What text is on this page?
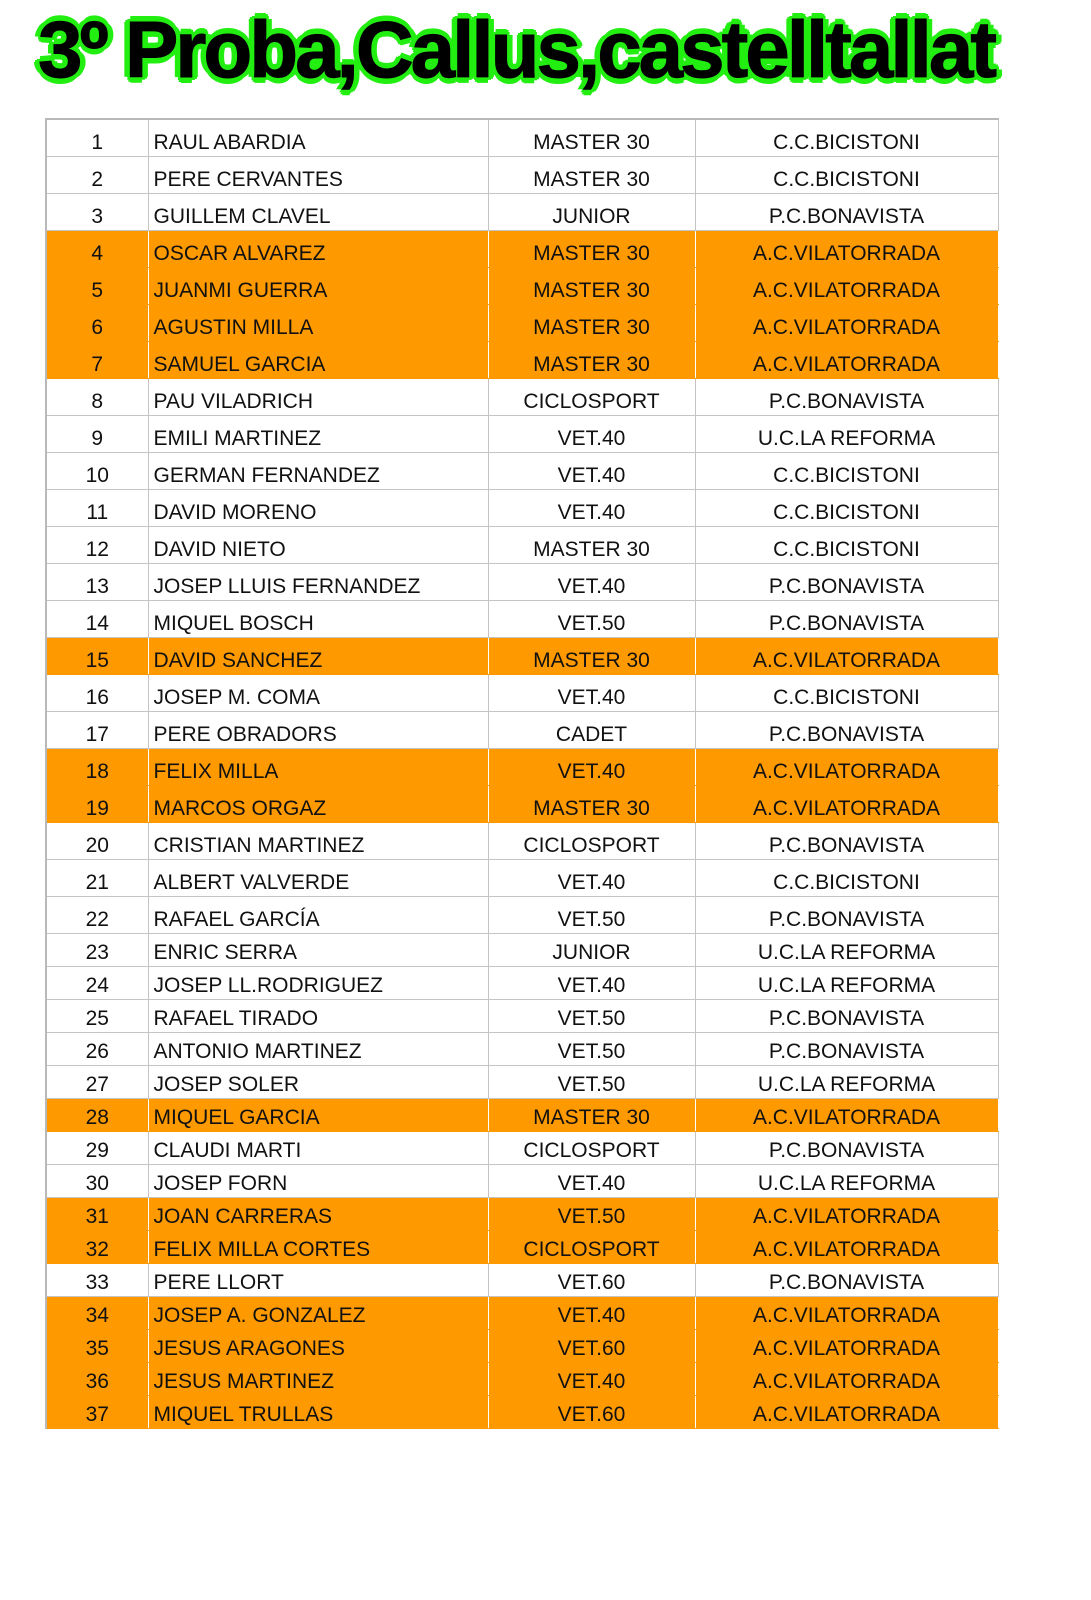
3º Proba,Callus,castelltallat
1	RAUL ABARDIA	MASTER 30	C.C.BICISTONI
2	PERE CERVANTES	MASTER 30	C.C.BICISTONI
3	GUILLEM CLAVEL	JUNIOR	P.C.BONAVISTA
4	OSCAR ALVAREZ	MASTER 30	A.C.VILATORRADA
5	JUANMI GUERRA	MASTER 30	A.C.VILATORRADA
6	AGUSTIN MILLA	MASTER 30	A.C.VILATORRADA
7	SAMUEL GARCIA	MASTER 30	A.C.VILATORRADA
8	PAU VILADRICH	CICLOSPORT	P.C.BONAVISTA
9	EMILI MARTINEZ	VET.40	U.C.LA REFORMA
10	GERMAN FERNANDEZ	VET.40	C.C.BICISTONI
11	DAVID MORENO	VET.40	C.C.BICISTONI
12	DAVID NIETO	MASTER 30	C.C.BICISTONI
13	JOSEP LLUIS FERNANDEZ	VET.40	P.C.BONAVISTA
14	MIQUEL BOSCH	VET.50	P.C.BONAVISTA
15	DAVID SANCHEZ	MASTER 30	A.C.VILATORRADA
16	JOSEP M. COMA	VET.40	C.C.BICISTONI
17	PERE OBRADORS	CADET	P.C.BONAVISTA
18	FELIX MILLA	VET.40	A.C.VILATORRADA
19	MARCOS ORGAZ	MASTER 30	A.C.VILATORRADA
20	CRISTIAN MARTINEZ	CICLOSPORT	P.C.BONAVISTA
21	ALBERT VALVERDE	VET.40	C.C.BICISTONI
22	RAFAEL GARCÍA	VET.50	P.C.BONAVISTA
23	ENRIC SERRA	JUNIOR	U.C.LA REFORMA
24	JOSEP LL.RODRIGUEZ	VET.40	U.C.LA REFORMA
25	RAFAEL TIRADO	VET.50	P.C.BONAVISTA
26	ANTONIO MARTINEZ	VET.50	P.C.BONAVISTA
27	JOSEP SOLER	VET.50	U.C.LA REFORMA
28	MIQUEL GARCIA	MASTER 30	A.C.VILATORRADA
29	CLAUDI MARTI	CICLOSPORT	P.C.BONAVISTA
30	JOSEP FORN	VET.40	U.C.LA REFORMA
31	JOAN CARRERAS	VET.50	A.C.VILATORRADA
32	FELIX MILLA CORTES	CICLOSPORT	A.C.VILATORRADA
33	PERE LLORT	VET.60	P.C.BONAVISTA
34	JOSEP A. GONZALEZ	VET.40	A.C.VILATORRADA
35	JESUS ARAGONES	VET.60	A.C.VILATORRADA
36	JESUS MARTINEZ	VET.40	A.C.VILATORRADA
37	MIQUEL TRULLAS	VET.60	A.C.VILATORRADA
